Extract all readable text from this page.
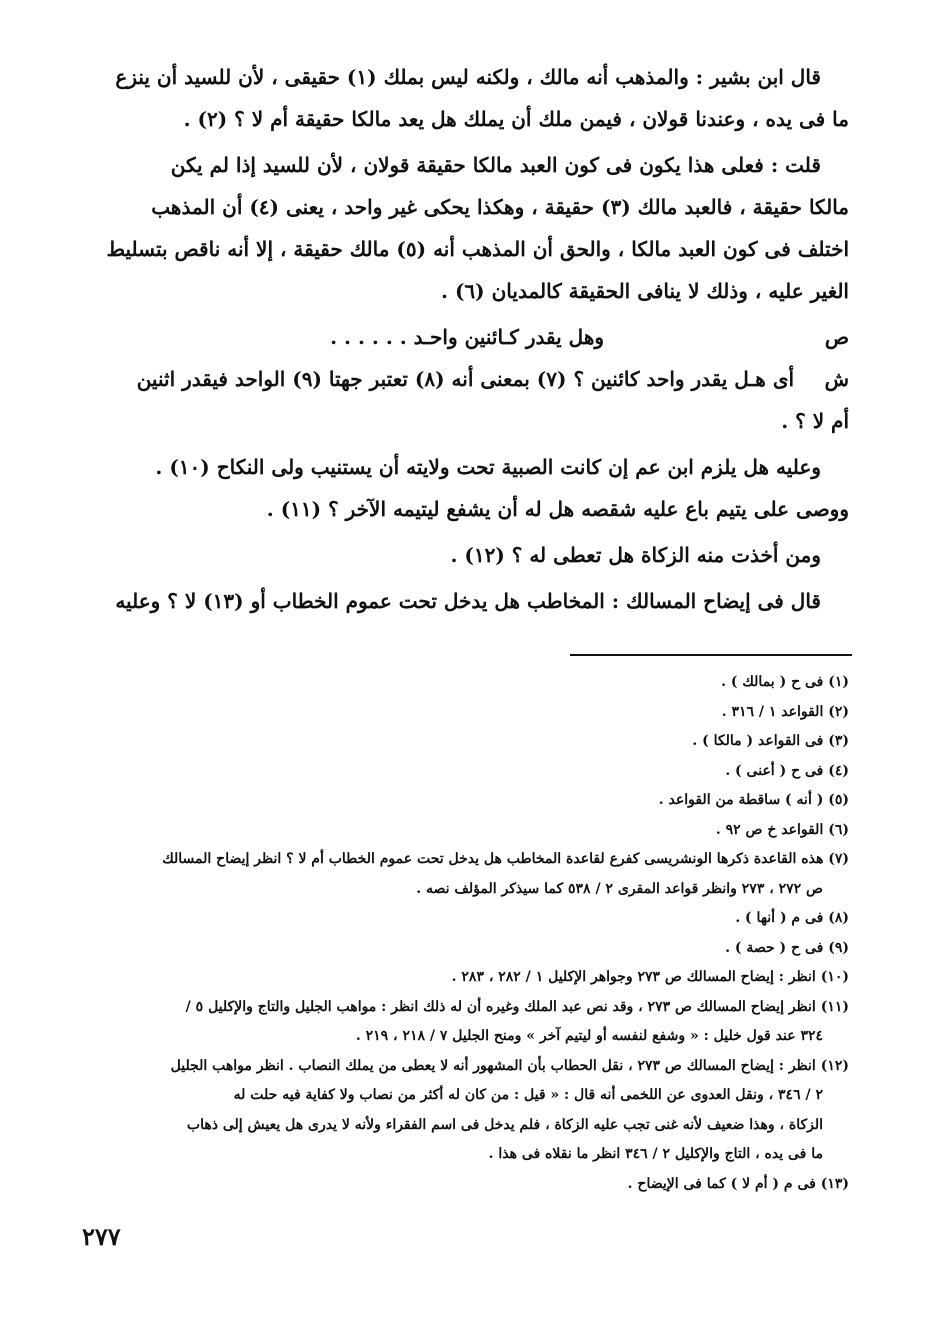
قال ابن بشير : والمذهب أنه مالك ، ولكنه ليس بملك (١) حقيقى ، لأن للسيد أن ينزع
ما فى يده ، وعندنا قولان ، فيمن ملك أن يملك هل يعد مالكا حقيقة أم لا ؟ (٢) .

قلت : فعلى هذا يكون فى كون العبد مالكا حقيقة قولان ، لأن للسيد إذا لم يكن
مالكا حقيقة ، فالعبد مالك (٣) حقيقة ، وهكذا يحكى غير واحد ، يعنى (٤) أن المذهب
اختلف فى كون العبد مالكا ، والحق أن المذهب أنه (٥) مالك حقيقة ، إلا أنه ناقص بتسليط
الغير عليه ، وذلك لا ينافى الحقيقة كالمديان (٦) .

ص وهل يقدر كـائنين واحـد . . . . . .
ش أى هـل يقدر واحد كائنين ؟ (٧) بمعنى أنه (٨) تعتبر جهتا (٩) الواحد فيقدر اثنين
أم لا ؟ .

وعليه هل يلزم ابن عم إن كانت الصبية تحت ولايته أن يستنيب ولى النكاح (١٠) .
ووصى على يتيم باع عليه شقصه هل له أن يشفع ليتيمه الآخر ؟ (١١) .

ومن أخذت منه الزكاة هل تعطى له ؟ (١٢) .

قال فى إيضاح المسالك : المخاطب هل يدخل تحت عموم الخطاب أو (١٣) لا ؟ وعليه

(١) فى ح ( بمالك ) .
(٢) القواعد ١ / ٣١٦ .
(٣) فى القواعد ( مالكا ) .
(٤) فى ح ( أعنى ) .
(٥) ( أنه ) ساقطة من القواعد .
(٦) القواعد خ ص ٩٢ .
(٧) هذه القاعدة ذكرها الونشريسى كفرع لقاعدة المخاطب هل يدخل تحت عموم الخطاب أم لا ؟ انظر إيضاح المسالك
ص ٢٧٢ ، ٢٧٣ وانظر قواعد المقرى ٢ / ٥٣٨ كما سيذكر المؤلف نصه .
(٨) فى م ( أنها ) .
(٩) فى ح ( حصة ) .
(١٠) انظر : إيضاح المسالك ص ٢٧٣ وجواهر الإكليل ١ / ٢٨٢ ، ٢٨٣ .
(١١) انظر إيضاح المسالك ص ٢٧٣ ، وقد نص عبد الملك وغيره أن له ذلك انظر : مواهب الجليل والتاج والإكليل ٥ /
٣٢٤ عند قول خليل : « وشفع لنفسه أو ليتيم آخر » ومنح الجليل ٧ / ٢١٨ ، ٢١٩ .
(١٢) انظر : إيضاح المسالك ص ٢٧٣ ، نقل الحطاب بأن المشهور أنه لا يعطى من يملك النصاب . انظر مواهب الجليل
٢ / ٣٤٦ ، ونقل العدوى عن اللخمى أنه قال : « قيل : من كان له أكثر من نصاب ولا كفاية فيه حلت له
الزكاة ، وهذا ضعيف لأنه غنى تجب عليه الزكاة ، فلم يدخل فى اسم الفقراء ولأنه لا يدرى هل يعيش إلى ذهاب
ما فى يده ، التاج والإكليل ٢ / ٣٤٦ انظر ما نقلاه فى هذا .
(١٣) فى م ( أم لا ) كما فى الإيضاح .
٢٧٧
